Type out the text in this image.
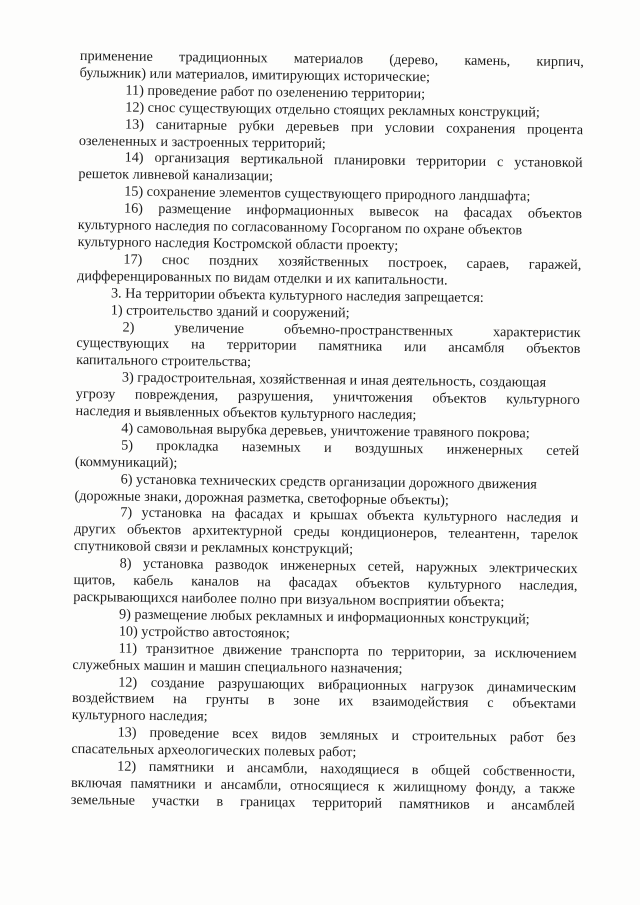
применение традиционных материалов (дерево, камень, кирпич,
булыжник) или материалов, имитирующих исторические;
11) проведение работ по озеленению территории;
12) снос существующих отдельно стоящих рекламных конструкций;
13) санитарные рубки деревьев при условии сохранения процента
озелененных и застроенных территорий;
14) организация вертикальной планировки территории с установкой
решеток ливневой канализации;
15) сохранение элементов существующего природного ландшафта;
16) размещение информационных вывесок на фасадах объектов
культурного наследия по согласованному Госорганом по охране объектов
культурного наследия Костромской области проекту;
17) снос поздних хозяйственных построек, сараев, гаражей,
дифференцированных по видам отделки и их капитальности.
3. На территории объекта культурного наследия запрещается:
1) строительство зданий и сооружений;
2) увеличение объемно-пространственных характеристик
существующих на территории памятника или ансамбля объектов
капитального строительства;
3) градостроительная, хозяйственная и иная деятельность, создающая
угрозу повреждения, разрушения, уничтожения объектов культурного
наследия и выявленных объектов культурного наследия;
4) самовольная вырубка деревьев, уничтожение травяного покрова;
5) прокладка наземных и воздушных инженерных сетей
(коммуникаций);
6) установка технических средств организации дорожного движения
(дорожные знаки, дорожная разметка, светофорные объекты);
7) установка на фасадах и крышах объекта культурного наследия и
других объектов архитектурной среды кондиционеров, телеантенн, тарелок
спутниковой связи и рекламных конструкций;
8) установка разводок инженерных сетей, наружных электрических
щитов, кабель каналов на фасадах объектов культурного наследия,
раскрывающихся наиболее полно при визуальном восприятии объекта;
9) размещение любых рекламных и информационных конструкций;
10) устройство автостоянок;
11) транзитное движение транспорта по территории, за исключением
служебных машин и машин специального назначения;
12) создание разрушающих вибрационных нагрузок динамическим
воздействием на грунты в зоне их взаимодействия с объектами
культурного наследия;
13) проведение всех видов земляных и строительных работ без
спасательных археологических полевых работ;
12) памятники и ансамбли, находящиеся в общей собственности,
включая памятники и ансамбли, относящиеся к жилищному фонду, а также
земельные участки в границах территорий памятников и ансамблей
